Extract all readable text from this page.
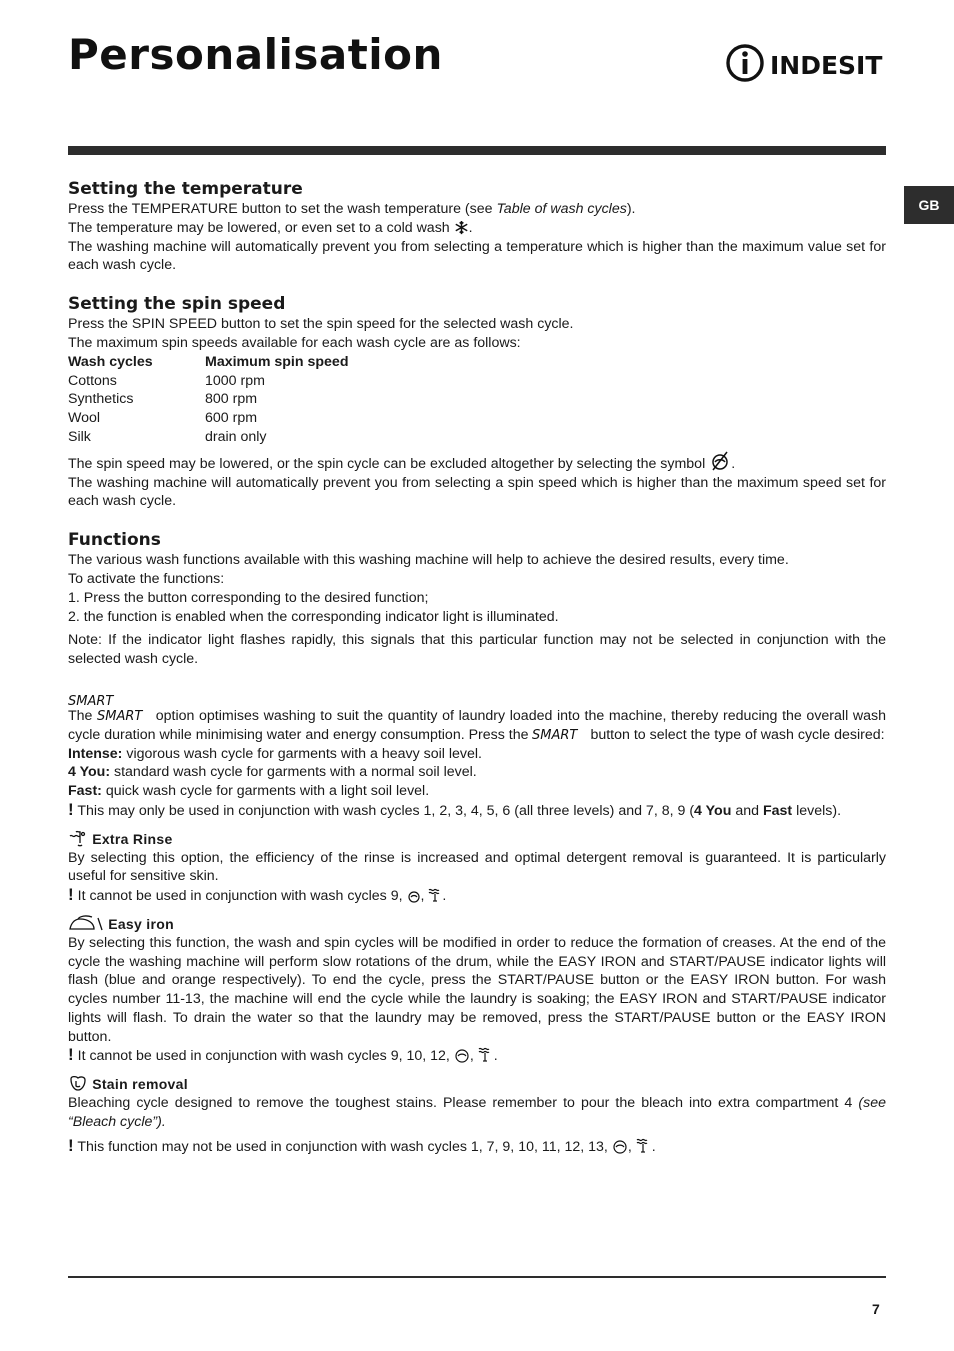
Personalisation	INDESIT
GB
Setting the temperature

Press the TEMPERATURE button to set the wash temperature (see Table of wash cycles).

The temperature may be lowered, or even set to a cold wash .

The washing machine will automatically prevent you from selecting a temperature which is higher than the maximum value set for each wash cycle.

Setting the spin speed

Press the SPIN SPEED button to set the spin speed for the selected wash cycle.

The maximum spin speeds available for each wash cycle are as follows:

Wash cycles	Maximum spin speed
Cottons	1000 rpm
Synthetics	800 rpm
Wool	600 rpm
Silk	drain only

The spin speed may be lowered, or the spin cycle can be excluded altogether by selecting the symbol .

The washing machine will automatically prevent you from selecting a spin speed which is higher than the maximum speed set for each wash cycle.

Functions

The various wash functions available with this washing machine will help to achieve the desired results, every time.

To activate the functions:

1. Press the button corresponding to the desired function;

2. the function is enabled when the corresponding indicator light is illuminated.

Note: If the indicator light flashes rapidly, this signals that this particular function may not be selected in conjunction with the selected wash cycle.

SMART

The SMART option optimises washing to suit the quantity of laundry loaded into the machine, thereby reducing the overall wash cycle duration while minimising water and energy consumption. Press the SMART button to select the type of wash cycle desired:

Intense: vigorous wash cycle for garments with a heavy soil level.

4 You: standard wash cycle for garments with a normal soil level.

Fast: quick wash cycle for garments with a light soil level.

! This may only be used in conjunction with wash cycles 1, 2, 3, 4, 5, 6 (all three levels) and 7, 8, 9 (4 You and Fast levels).

Extra Rinse

By selecting this option, the efficiency of the rinse is increased and optimal detergent removal is guaranteed. It is particularly useful for sensitive skin.

! It cannot be used in conjunction with wash cycles 9, , .

Easy iron

By selecting this function, the wash and spin cycles will be modified in order to reduce the formation of creases. At the end of the cycle the washing machine will perform slow rotations of the drum, while the EASY IRON and START/PAUSE indicator lights will flash (blue and orange respectively). To end the cycle, press the START/PAUSE button or the EASY IRON button. For wash cycles number 11-13, the machine will end the cycle while the laundry is soaking; the EASY IRON and START/PAUSE indicator lights will flash. To drain the water so that the laundry may be removed, press the START/PAUSE button or the EASY IRON button.

! It cannot be used in conjunction with wash cycles 9, 10, 12, , .

Stain removal

Bleaching cycle designed to remove the toughest stains. Please remember to pour the bleach into extra compartment 4 (see “Bleach cycle”).

! This function may not be used in conjunction with wash cycles 1, 7, 9, 10, 11, 12, 13, , .

7
